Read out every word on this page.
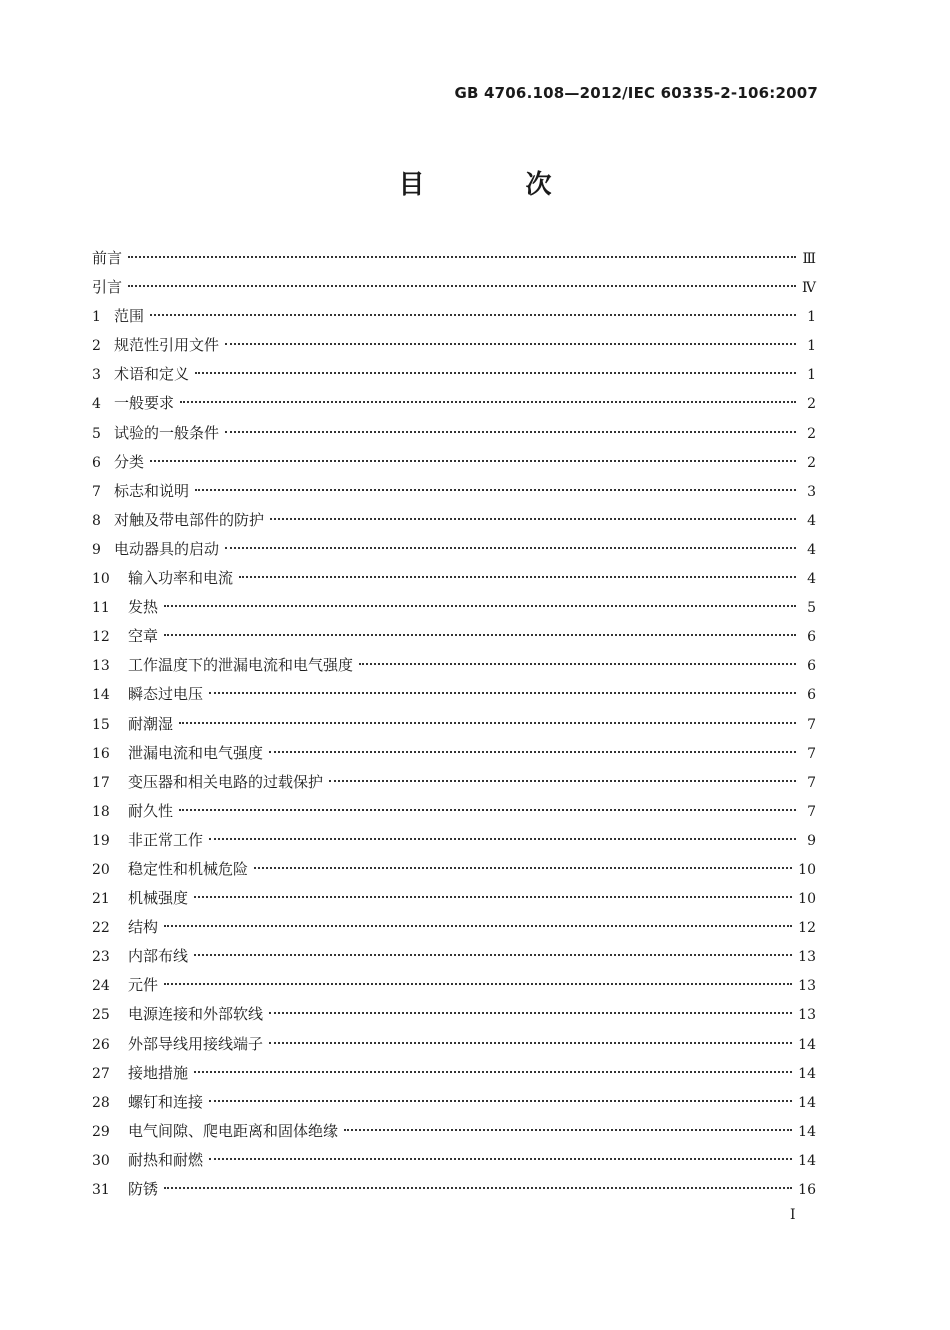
GB 4706.108—2012/IEC 60335-2-106:2007
目 次
前言	Ⅲ
引言	Ⅳ
1 范围	1
2 规范性引用文件	1
3 术语和定义	1
4 一般要求	2
5 试验的一般条件	2
6 分类	2
7 标志和说明	3
8 对触及带电部件的防护	4
9 电动器具的启动	4
10	输入功率和电流	4
11	发热	5
12	空章	6
13	工作温度下的泄漏电流和电气强度	6
14	瞬态过电压	6
15	耐潮湿	7
16	泄漏电流和电气强度	7
17	变压器和相关电路的过载保护	7
18	耐久性	7
19	非正常工作	9
20	稳定性和机械危险	10
21	机械强度	10
22	结构	12
23	内部布线	13
24	元件	13
25	电源连接和外部软线	13
26	外部导线用接线端子	14
27	接地措施	14
28	螺钉和连接	14
29	电气间隙、爬电距离和固体绝缘	14
30	耐热和耐燃	14
31	防锈	16
I
